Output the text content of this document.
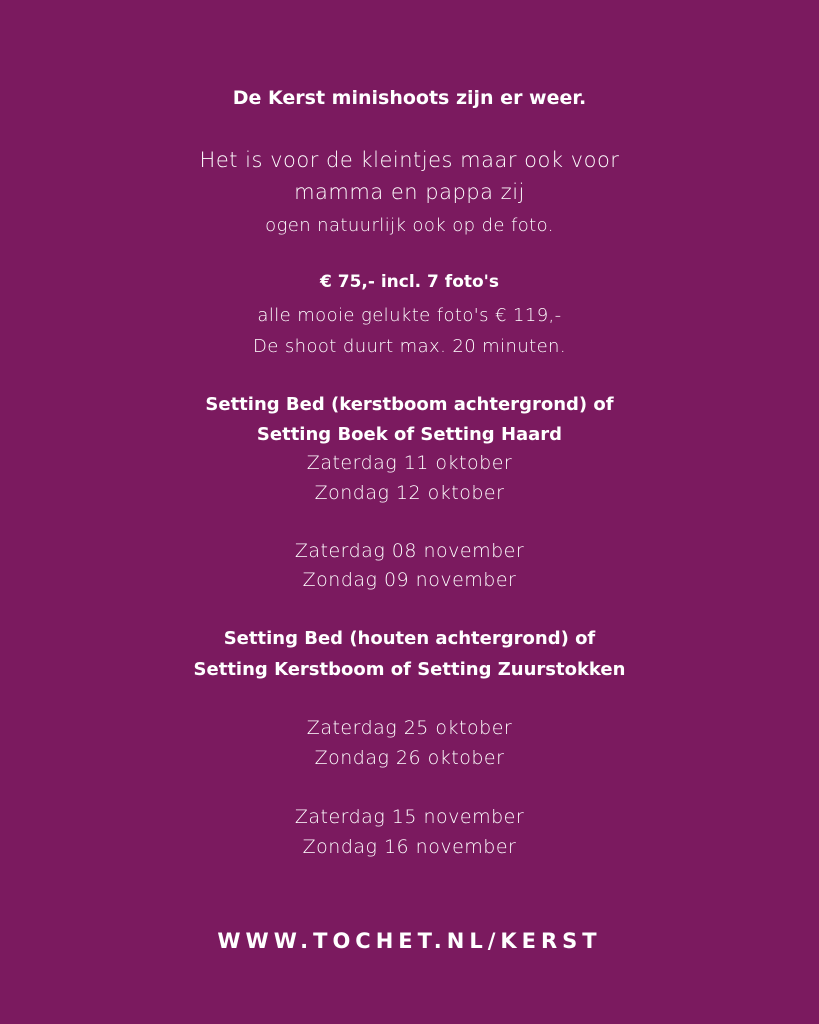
De Kerst minishoots zijn er weer.
Het is voor de kleintjes maar ook voor
mamma en pappa zij
ogen natuurlijk ook op de foto.
€ 75,- incl. 7 foto's
alle mooie gelukte foto's € 119,-
De shoot duurt max. 20 minuten.
Setting Bed (kerstboom achtergrond) of
Setting Boek of Setting Haard
Zaterdag 11 oktober
Zondag 12 oktober
Zaterdag 08 november
Zondag 09 november
Setting Bed (houten achtergrond) of
Setting Kerstboom of Setting Zuurstokken
Zaterdag 25 oktober
Zondag 26 oktober
Zaterdag 15 november
Zondag 16 november
WWW.TOCHET.NL/KERST
